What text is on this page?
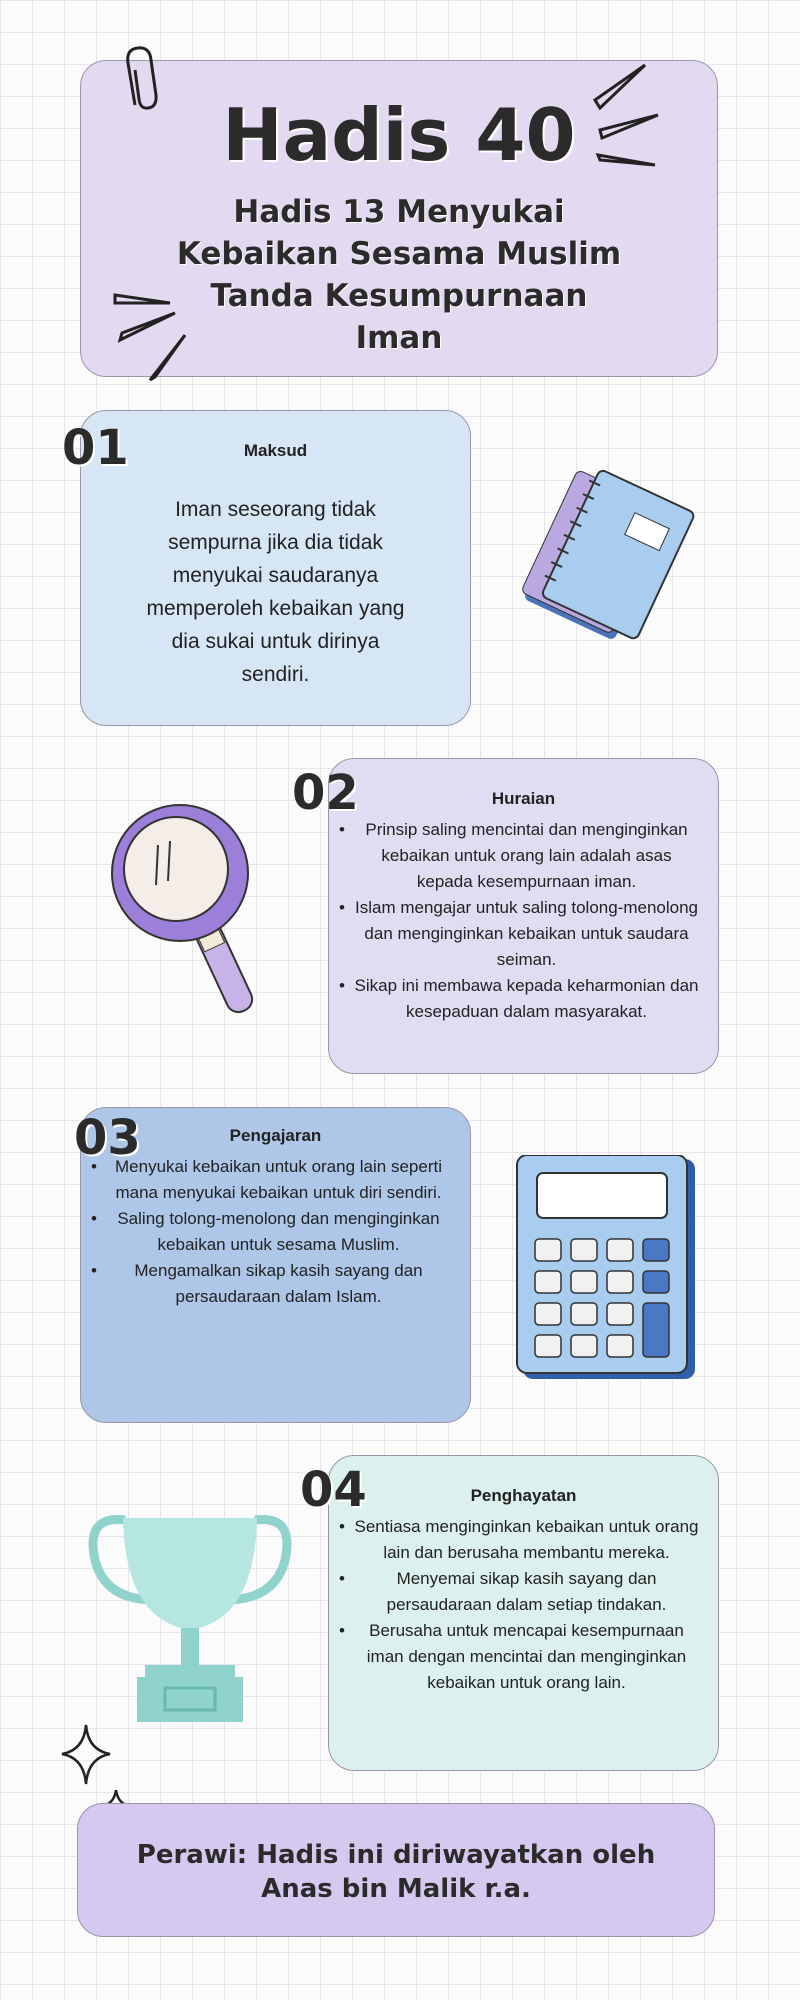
Hadis 40
Hadis 13 Menyukai Kebaikan Sesama Muslim Tanda Kesumpurnaan Iman
Maksud

Iman seseorang tidak sempurna jika dia tidak menyukai saudaranya memperoleh kebaikan yang dia sukai untuk dirinya sendiri.

01
Huraian
• Prinsip saling mencintai dan menginginkan kebaikan untuk orang lain adalah asas kepada kesempurnaan iman.
• Islam mengajar untuk saling tolong-menolong dan menginginkan kebaikan untuk saudara seiman.
• Sikap ini membawa kepada keharmonian dan kesepaduan dalam masyarakat.
02
Pengajaran
• Menyukai kebaikan untuk orang lain seperti mana menyukai kebaikan untuk diri sendiri.
• Saling tolong-menolong dan menginginkan kebaikan untuk sesama Muslim.
• Mengamalkan sikap kasih sayang dan persaudaraan dalam Islam.
03
Penghayatan
• Sentiasa menginginkan kebaikan untuk orang lain dan berusaha membantu mereka.
• Menyemai sikap kasih sayang dan persaudaraan dalam setiap tindakan.
• Berusaha untuk mencapai kesempurnaan iman dengan mencintai dan menginginkan kebaikan untuk orang lain.
04
Perawi: Hadis ini diriwayatkan oleh Anas bin Malik r.a.
